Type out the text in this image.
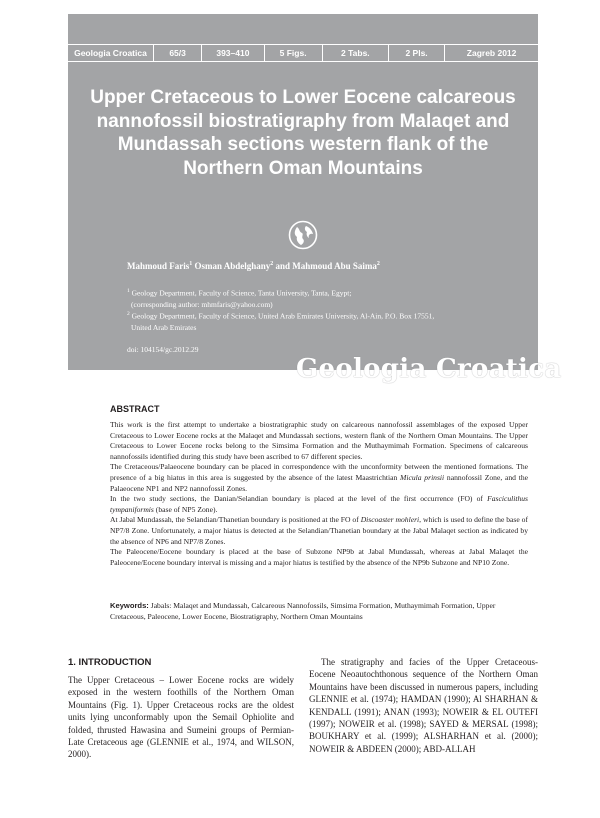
Geologia Croatica	65/3	393–410	5 Figs.	2 Tabs.	2 Pls.	Zagreb 2012
Upper Cretaceous to Lower Eocene calcareous nannofossil biostratigraphy from Malaqet and Mundassah sections western flank of the Northern Oman Mountains
Mahmoud Faris$^1$ Osman Abdelghany$^2$ and Mahmoud Abu Saima$^2$
$^1$ Geology Department, Faculty of Science, Tanta University, Tanta, Egypt;
(corresponding author: mhmfaris@yahoo.com)
$^2$ Geology Department, Faculty of Science, United Arab Emirates University, Al-Ain, P.O. Box 17551,
United Arab Emirates
doi: 104154/gc.2012.29
Geologia Croatica
ABSTRACT

This work is the first attempt to undertake a biostratigraphic study on calcareous nannofossil assemblages of the exposed Upper Cretaceous to Lower Eocene rocks at the Malaqet and Mundassah sections, western flank of the Northern Oman Mountains. The Upper Cretaceous to Lower Eocene rocks belong to the Simsima Formation and the Muthaymimah Formation. Specimens of calcareous nannofossils identified during this study have been ascribed to 67 different species.

The Cretaceous/Palaeocene boundary can be placed in correspondence with the unconformity between the mentioned formations. The presence of a big hiatus in this area is suggested by the absence of the latest Maastrichtian Micula prinsii nannofossil Zone, and the Palaeocene NP1 and NP2 nannofossil Zones.

In the two study sections, the Danian/Selandian boundary is placed at the level of the first occurrence (FO) of Fasciculithus tympaniformis (base of NP5 Zone).

At Jabal Mundassah, the Selandian/Thanetian boundary is positioned at the FO of Discoaster mohleri, which is used to define the base of NP7/8 Zone. Unfortunately, a major hiatus is detected at the Selandian/Thanetian boundary at the Jabal Malaqet section as indicated by the absence of NP6 and NP7/8 Zones.

The Paleocene/Eocene boundary is placed at the base of Subzone NP9b at Jabal Mundassah, whereas at Jabal Malaqet the Paleocene/Eocene boundary interval is missing and a major hiatus is testified by the absence of the NP9b Subzone and NP10 Zone.

Keywords: Jabals: Malaqet and Mundassah, Calcareous Nannofossils, Simsima Formation, Muthaymimah Formation, Upper Cretaceous, Paleocene, Lower Eocene, Biostratigraphy, Northern Oman Mountains
1. INTRODUCTION

The Upper Cretaceous – Lower Eocene rocks are widely exposed in the western foothills of the Northern Oman Mountains (Fig. 1). Upper Cretaceous rocks are the oldest units lying unconformably upon the Semail Ophiolite and folded, thrusted Hawasina and Sumeini groups of Permian-Late Cretaceous age (GLENNIE et al., 1974, and WILSON, 2000).

The stratigraphy and facies of the Upper Cretaceous-Eocene Neoautochthonous sequence of the Northern Oman Mountains have been discussed in numerous papers, including GLENNIE et al. (1974); HAMDAN (1990); Al SHARHAN & KENDALL (1991); ANAN (1993); NOWEIR & EL OUTEFI (1997); NOWEIR et al. (1998); SAYED & MERSAL (1998); BOUKHARY et al. (1999); ALSHARHAN et al. (2000); NOWEIR & ABDEEN (2000); ABD-ALLAH
